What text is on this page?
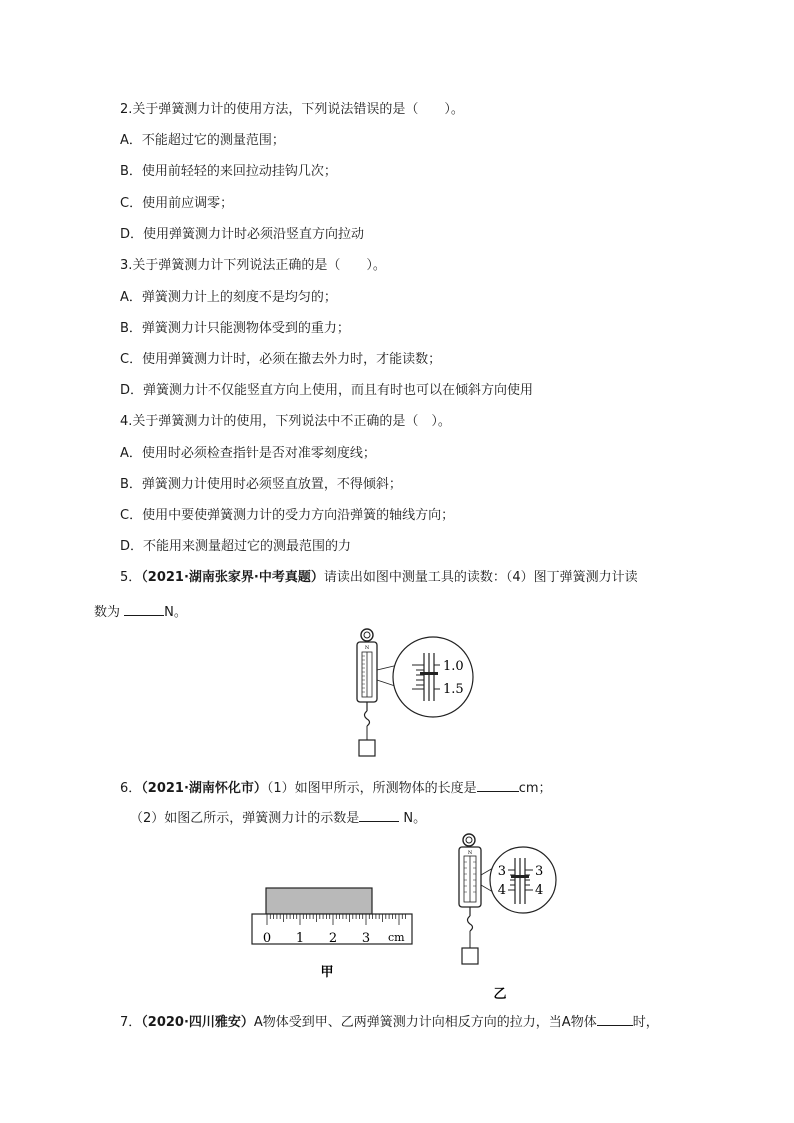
2.关于弹簧测力计的使用方法，下列说法错误的是（　　）。
A．不能超过它的测量范围；
B．使用前轻轻的来回拉动挂钩几次；
C．使用前应调零；
D．使用弹簧测力计时必须沿竖直方向拉动
3.关于弹簧测力计下列说法正确的是（　　）。
A．弹簧测力计上的刻度不是均匀的；
B．弹簧测力计只能测物体受到的重力；
C．使用弹簧测力计时，必须在撤去外力时，才能读数；
D．弹簧测力计不仅能竖直方向上使用，而且有时也可以在倾斜方向使用
4.关于弹簧测力计的使用，下列说法中不正确的是（　）。
A．使用时必须检查指针是否对准零刻度线；
B．弹簧测力计使用时必须竖直放置，不得倾斜；
C．使用中要使弹簧测力计的受力方向沿弹簧的轴线方向；
D．不能用来测量超过它的测最范围的力
5．（2021·湖南张家界·中考真题）请读出如图中测量工具的读数：（4）图丁弹簧测力计读
数为	N。
N
1.0
1.5
6．（2021·湖南怀化市）（1）如图甲所示，所测物体的长度是	cm；
（2）如图乙所示，弹簧测力计的示数是	N。
0 1 2 3 cm
甲
N
乙
3
4
3
4
7．（2020·四川雅安）A物体受到甲、乙两弹簧测力计向相反方向的拉力，当A物体	时，
